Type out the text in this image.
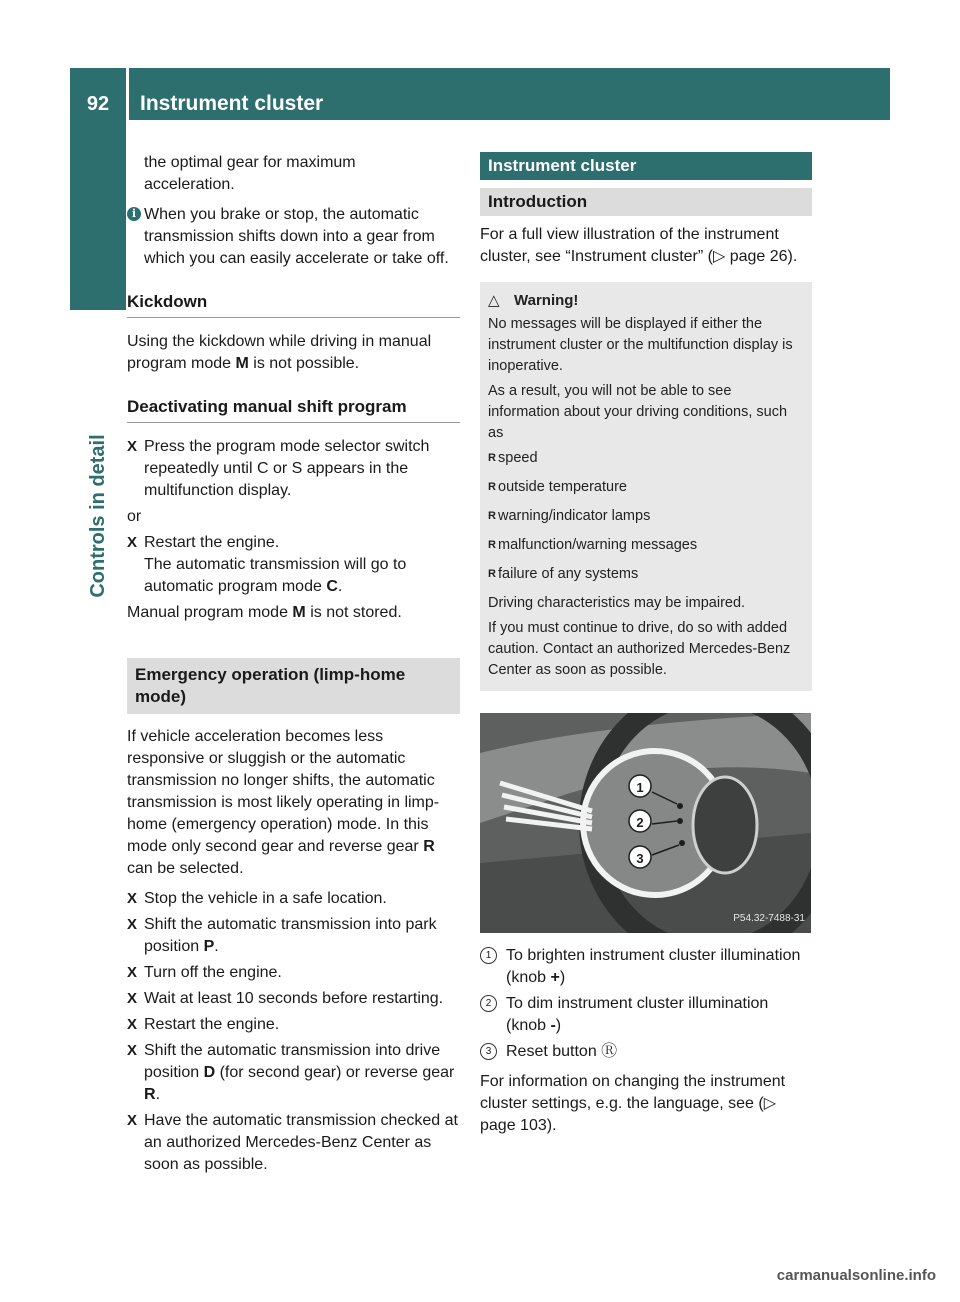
92	Instrument cluster
Controls in detail

the optimal gear for maximum
acceleration.

i When you brake or stop, the automatic transmission shifts down into a gear from which you can easily accelerate or take off.
Kickdown

Using the kickdown while driving in manual program mode M is not possible.

Deactivating manual shift program
X Press the program mode selector switch repeatedly until C or S appears in the multifunction display.

or

X Restart the engine.
The automatic transmission will go to automatic program mode C.

Manual program mode M is not stored.

Emergency operation (limp-home mode)

If vehicle acceleration becomes less responsive or sluggish or the automatic transmission no longer shifts, the automatic transmission is most likely operating in limp-home (emergency operation) mode. In this mode only second gear and reverse gear R can be selected.

X Stop the vehicle in a safe location.
X Shift the automatic transmission into park position P.
X Turn off the engine.
X Wait at least 10 seconds before restarting.
X Restart the engine.
X Shift the automatic transmission into drive position D (for second gear) or reverse gear R.
X Have the automatic transmission checked at an authorized Mercedes-Benz Center as soon as possible.
Instrument cluster
Introduction

For a full view illustration of the instrument cluster, see “Instrument cluster” (▷ page 26).

△ Warning!

No messages will be displayed if either the instrument cluster or the multifunction display is inoperative.

As a result, you will not be able to see information about your driving conditions, such as

R speed
R outside temperature
R warning/indicator lamps
R malfunction/warning messages
R failure of any systems

Driving characteristics may be impaired.

If you must continue to drive, do so with added caution. Contact an authorized Mercedes-Benz Center as soon as possible.

1
2
3
P54.32-7488-31
1 To brighten instrument cluster illumination (knob +)
2 To dim instrument cluster illumination (knob -)
3 Reset button Ⓡ

For information on changing the instrument cluster settings, e.g. the language, see (▷ page 103).

carmanualsonline.info
